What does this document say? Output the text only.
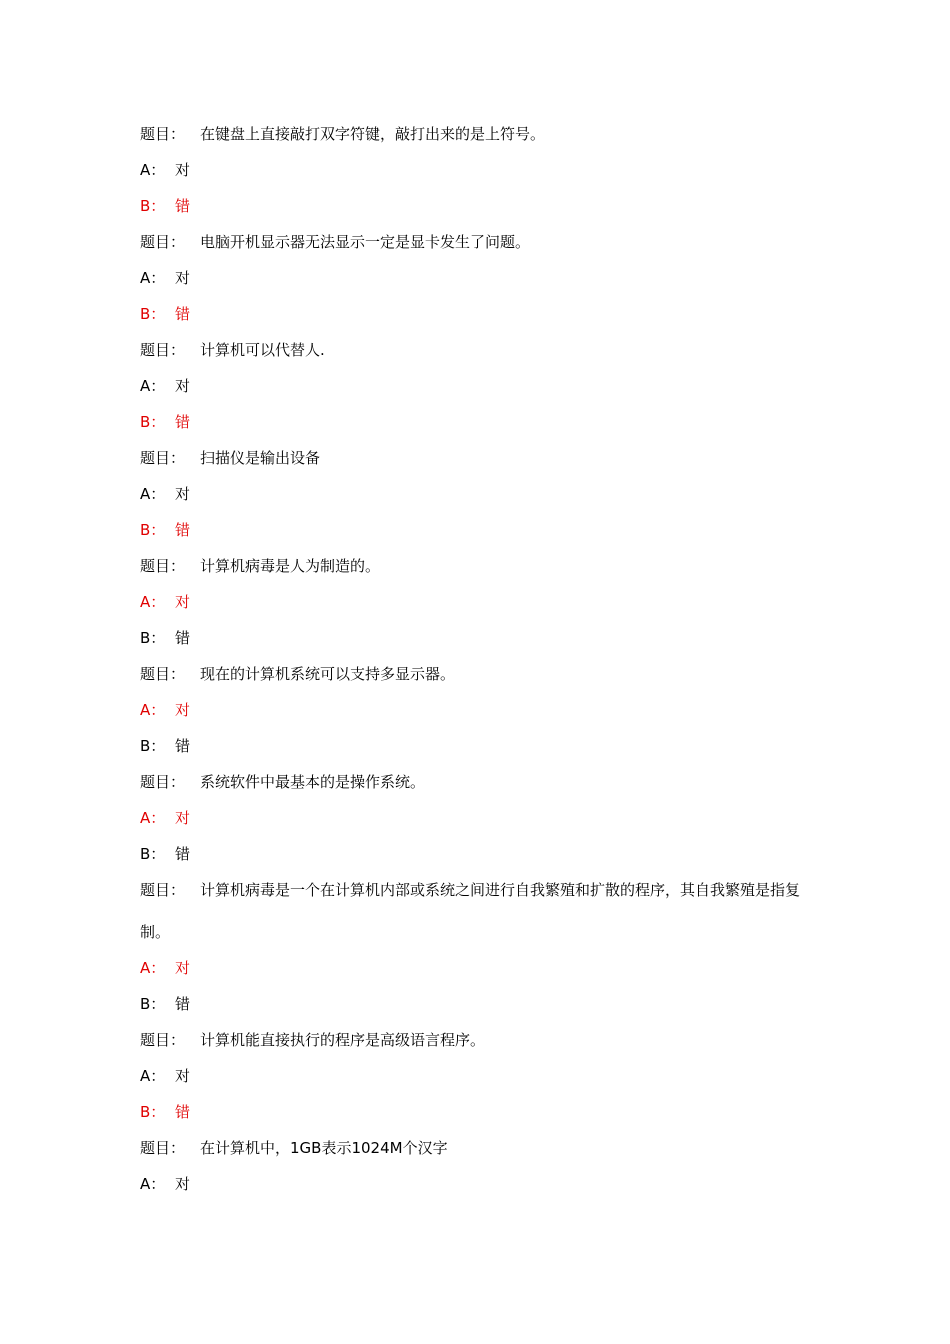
题目： 在键盘上直接敲打双字符键，敲打出来的是上符号。
A： 对
B： 错
题目： 电脑开机显示器无法显示一定是显卡发生了问题。
A： 对
B： 错
题目： 计算机可以代替人.
A： 对
B： 错
题目： 扫描仪是输出设备
A： 对
B： 错
题目： 计算机病毒是人为制造的。
A： 对
B： 错
题目： 现在的计算机系统可以支持多显示器。
A： 对
B： 错
题目： 系统软件中最基本的是操作系统。
A： 对
B： 错
题目： 计算机病毒是一个在计算机内部或系统之间进行自我繁殖和扩散的程序，其自我繁殖是指复制。
A： 对
B： 错
题目： 计算机能直接执行的程序是高级语言程序。
A： 对
B： 错
题目： 在计算机中，1GB表示1024M个汉字
A： 对
